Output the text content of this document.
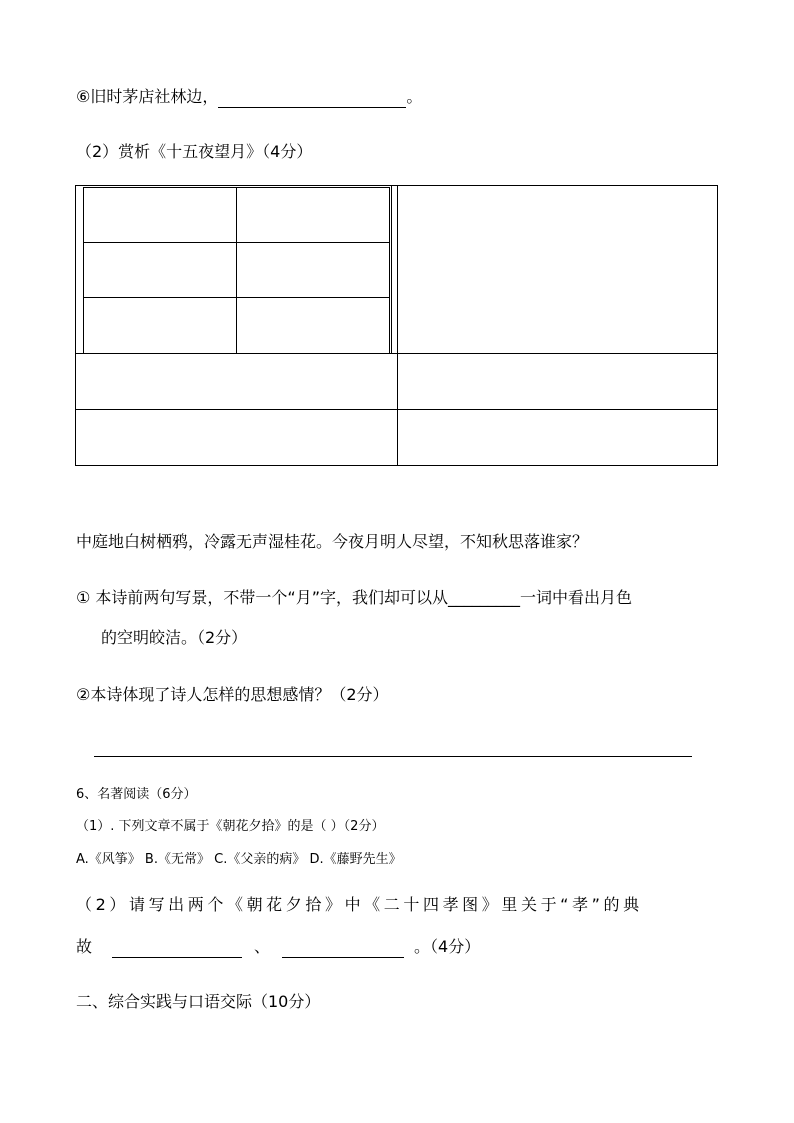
⑥旧时茅店社林边，	。
（2）赏析《十五夜望月》（4分）
中庭地白树栖鸦，冷露无声湿桂花。今夜月明人尽望，不知秋思落谁家？
① 本诗前两句写景，不带一个“月”字，我们却可以从_________一词中看出月色
的空明皎洁。（2分）
②本诗体现了诗人怎样的思想感情？（2分）
6、名著阅读（6分）
（1）. 下列文章不属于《朝花夕拾》的是（ ）（2分）
A.《风筝》 B.《无常》 C.《父亲的病》 D.《藤野先生》
（2）请写出两个《朝花夕拾》中《二十四孝图》里关于“孝”的典
故	、	。（4分）
二、综合实践与口语交际（10分）
